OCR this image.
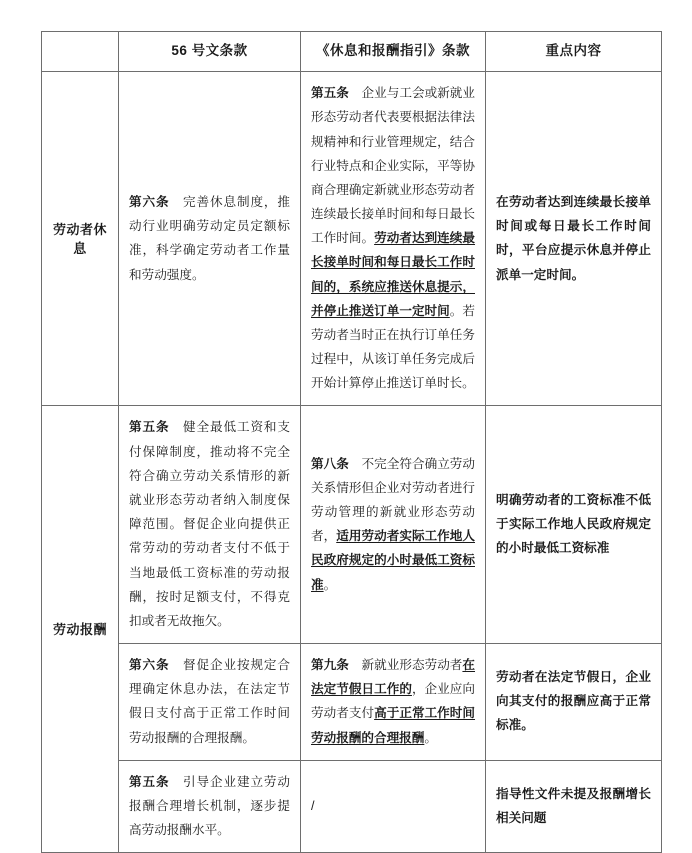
	56 号文条款	《休息和报酬指引》条款	重点内容
劳动者休息	第六条 完善休息制度，推动行业明确劳动定员定额标准，科学确定劳动者工作量和劳动强度。	第五条 企业与工会或新就业形态劳动者代表要根据法律法规精神和行业管理规定，结合行业特点和企业实际，平等协商合理确定新就业形态劳动者连续最长接单时间和每日最长工作时间。劳动者达到连续最长接单时间和每日最长工作时间的，系统应推送休息提示，并停止推送订单一定时间。若劳动者当时正在执行订单任务过程中，从该订单任务完成后开始计算停止推送订单时长。	在劳动者达到连续最长接单时间或每日最长工作时间时，平台应提示休息并停止派单一定时间。
劳动报酬	第五条 健全最低工资和支付保障制度，推动将不完全符合确立劳动关系情形的新就业形态劳动者纳入制度保障范围。督促企业向提供正常劳动的劳动者支付不低于当地最低工资标准的劳动报酬，按时足额支付，不得克扣或者无故拖欠。	第八条 不完全符合确立劳动关系情形但企业对劳动者进行劳动管理的新就业形态劳动者，适用劳动者实际工作地人民政府规定的小时最低工资标准。	明确劳动者的工资标准不低于实际工作地人民政府规定的小时最低工资标准
	第六条 督促企业按规定合理确定休息办法，在法定节假日支付高于正常工作时间劳动报酬的合理报酬。	第九条 新就业形态劳动者在法定节假日工作的，企业应向劳动者支付高于正常工作时间劳动报酬的合理报酬。	劳动者在法定节假日，企业向其支付的报酬应高于正常标准。
	第五条 引导企业建立劳动报酬合理增长机制，逐步提高劳动报酬水平。	/	指导性文件未提及报酬增长相关问题
